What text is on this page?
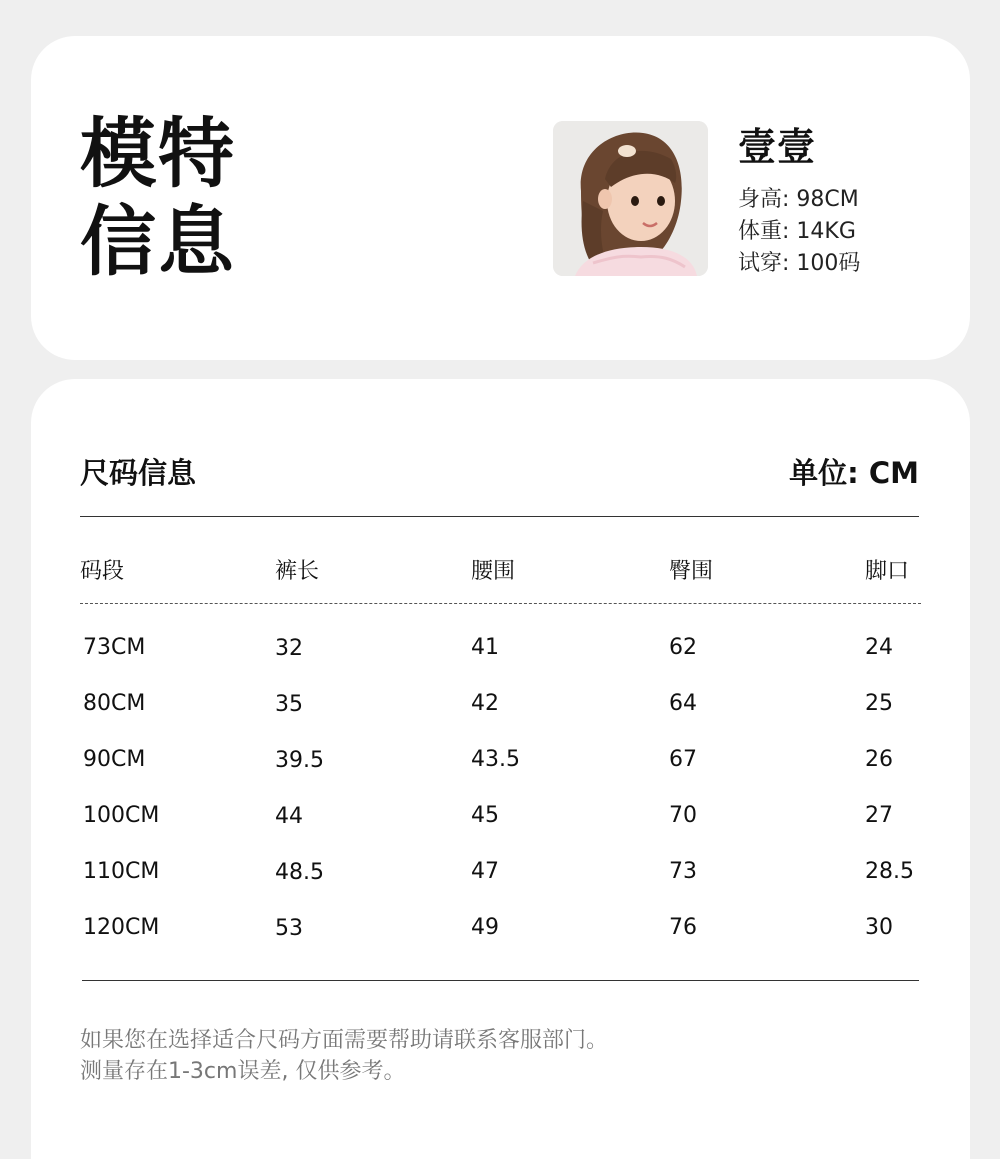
模特
信息
壹壹
身高 : 98CM
体重 : 14KG
试穿 : 100码
尺码信息	单位: CM
码段	裤长	腰围	臀围	脚口
73CM	32	41	62	24
80CM	35	42	64	25
90CM	39.5	43.5	67	26
100CM	44	45	70	27
110CM	48.5	47	73	28.5
120CM	53	49	76	30
如果您在选择适合尺码方面需要帮助请联系客服部门。
测量存在1-3cm误差, 仅供参考。
